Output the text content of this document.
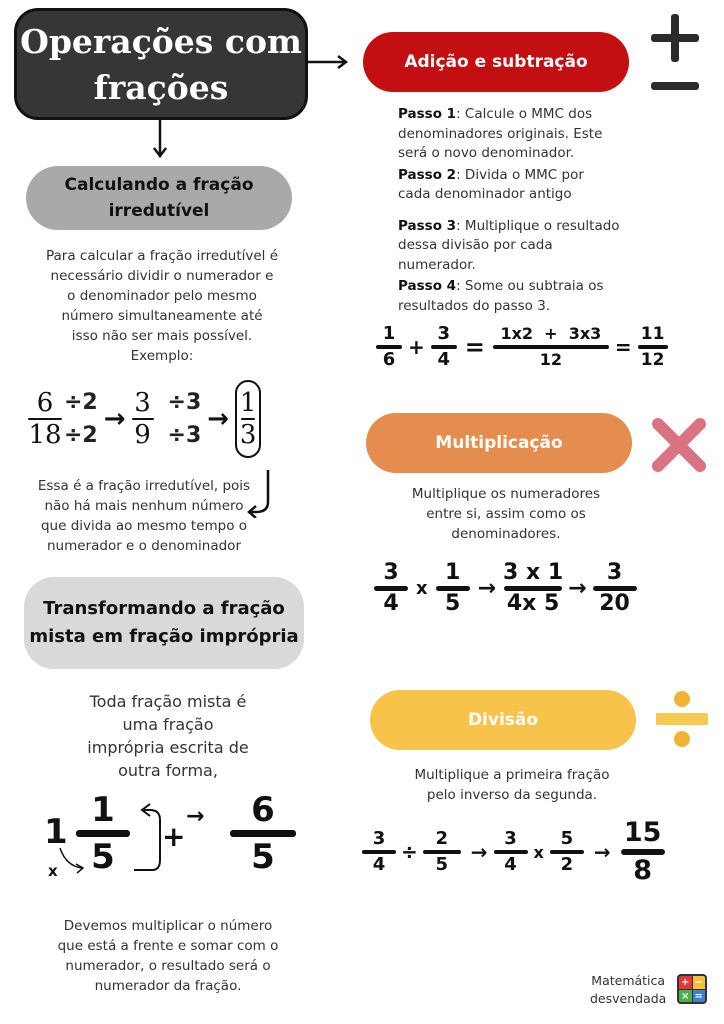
Operações com
frações
Calculando a fração
irredutível
Para calcular a fração irredutível é
necessário dividir o numerador e
o denominador pelo mesmo
número simultaneamente até
isso não ser mais possível.
Exemplo:
$\frac{6}{18} \div 2$
÷2
→ $\frac{3}{9} \div 3$
÷3
→ $\frac{1}{3}$
Essa é a fração irredutível, pois
não há mais nenhum número
que divida ao mesmo tempo o
numerador e o denominador
Transformando a fração
mista em fração imprópria
Toda fração mista é
uma fração
imprópria escrita de
outra forma,
1
x
1
5
+
→ 6
5
Devemos multiplicar o número
que está a frente e somar com o
numerador, o resultado será o
numerador da fração.
Adição e subtração
Passo 1: Calcule o MMC dos denominadores originais. Este será o novo denominador.
Passo 2: Divida o MMC por cada denominador antigo
Passo 3: Multiplique o resultado dessa divisão por cada numerador.
Passo 4: Some ou subtraia os resultados do passo 3.
$\frac{1}{6} + \frac{3}{4} = \frac{1x2 + 3x3}{12} = \frac{11}{12}$
Multiplicação
Multiplique os numeradores
entre si, assim como os
denominadores.
3
4
x
1
5
→
3 x 1
4x 5
→
3
20
Divisão
Multiplique a primeira fração
pelo inverso da segunda.
$\frac{3}{4} \div \frac{2}{5} \to \frac{3}{4}$ x $\frac{5}{2}$ →
15
8
Matemática
desvendada
+ −
× =
